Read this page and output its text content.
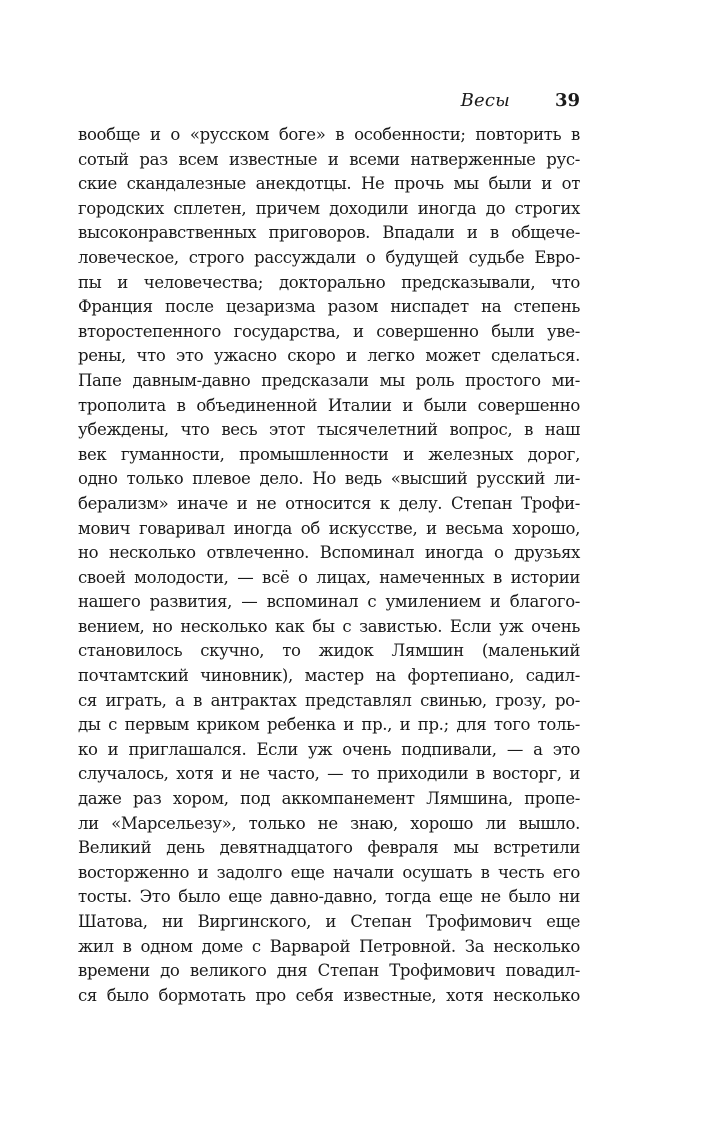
Весы 39
вообще и о «русском боге» в особенности; повторить в
сотый раз всем известные и всеми натверженные рус-
ские скандалезные анекдотцы. Не прочь мы были и от
городских сплетен, причем доходили иногда до строгих
высоконравственных приговоров. Впадали и в общече-
ловеческое, строго рассуждали о будущей судьбе Евро-
пы и человечества; докторально предсказывали, что
Франция после цезаризма разом ниспадет на степень
второстепенного государства, и совершенно были уве-
рены, что это ужасно скоро и легко может сделаться.
Папе давным-давно предсказали мы роль простого ми-
трополита в объединенной Италии и были совершенно
убеждены, что весь этот тысячелетний вопрос, в наш
век гуманности, промышленности и железных дорог,
одно только плевое дело. Но ведь «высший русский ли-
берализм» иначе и не относится к делу. Степан Трофи-
мович говаривал иногда об искусстве, и весьма хорошо,
но несколько отвлеченно. Вспоминал иногда о друзьях
своей молодости, — всё о лицах, намеченных в истории
нашего развития, — вспоминал с умилением и благого-
вением, но несколько как бы с завистью. Если уж очень
становилось скучно, то жидок Лямшин (маленький
почтамтский чиновник), мастер на фортепиано, садил-
ся играть, а в антрактах представлял свинью, грозу, ро-
ды с первым криком ребенка и пр., и пр.; для того толь-
ко и приглашался. Если уж очень подпивали, — а это
случалось, хотя и не часто, — то приходили в восторг, и
даже раз хором, под аккомпанемент Лямшина, пропе-
ли «Марсельезу», только не знаю, хорошо ли вышло.
Великий день девятнадцатого февраля мы встретили
восторженно и задолго еще начали осушать в честь его
тосты. Это было еще давно-давно, тогда еще не было ни
Шатова, ни Виргинского, и Степан Трофимович еще
жил в одном доме с Варварой Петровной. За несколько
времени до великого дня Степан Трофимович повадил-
ся было бормотать про себя известные, хотя несколько
